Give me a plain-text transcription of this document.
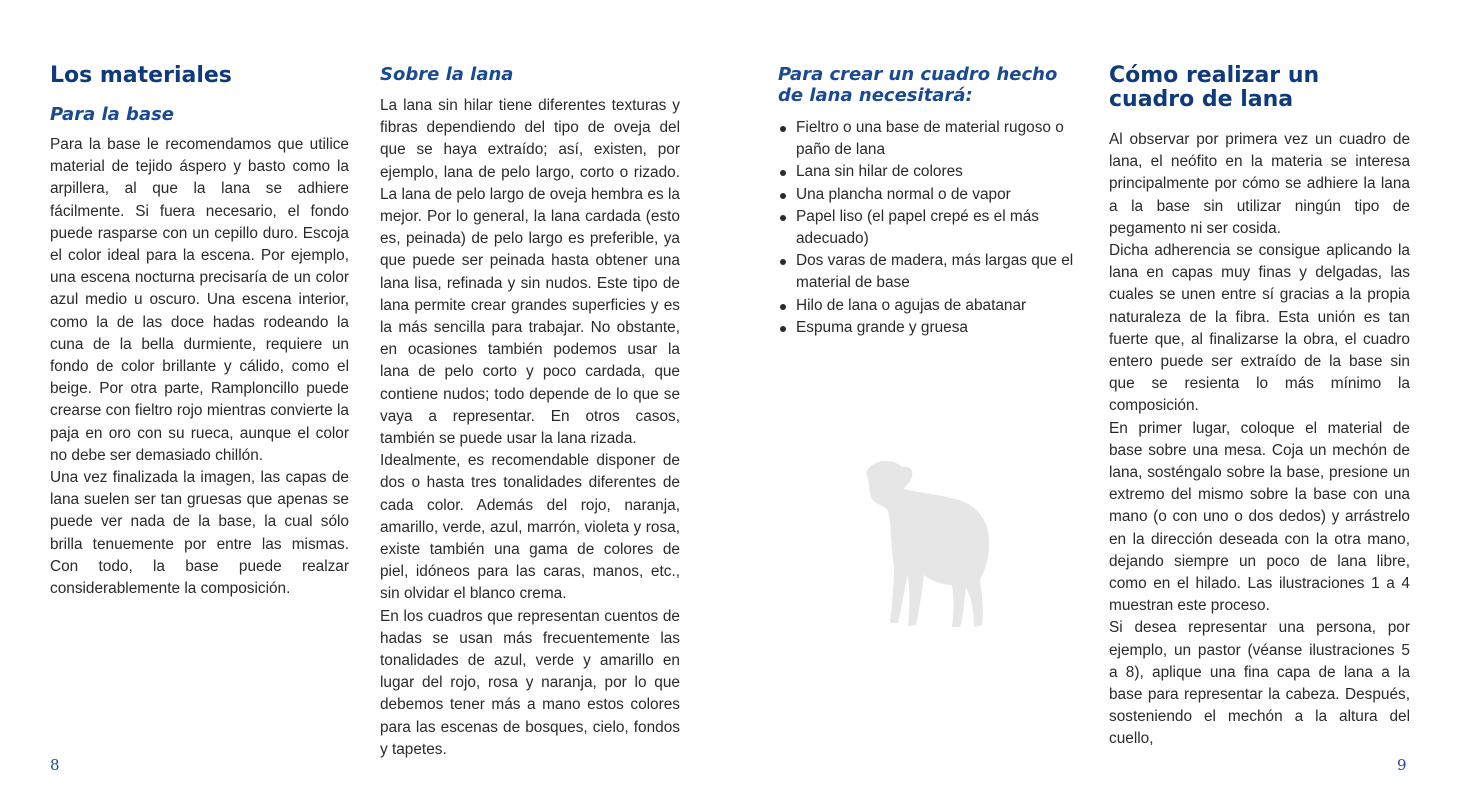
Los materiales
Para la base

Para la base le recomendamos que utilice material de tejido áspero y basto como la arpillera, al que la lana se adhiere fácilmente. Si fuera necesario, el fondo puede rasparse con un cepillo duro. Escoja el color ideal para la escena. Por ejemplo, una escena nocturna precisaría de un color azul medio u oscuro. Una escena interior, como la de las doce hadas rodeando la cuna de la bella durmiente, requiere un fondo de color brillante y cálido, como el beige. Por otra parte, Ramploncillo puede crearse con fieltro rojo mientras convierte la paja en oro con su rueca, aunque el color no debe ser demasiado chillón.

Una vez finalizada la imagen, las capas de lana suelen ser tan gruesas que apenas se puede ver nada de la base, la cual sólo brilla tenuemente por entre las mismas. Con todo, la base puede realzar considerablemente la composición.

Sobre la lana

La lana sin hilar tiene diferentes texturas y fibras dependiendo del tipo de oveja del que se haya extraído; así, existen, por ejemplo, lana de pelo largo, corto o rizado. La lana de pelo largo de oveja hembra es la mejor. Por lo general, la lana cardada (esto es, peinada) de pelo largo es preferible, ya que puede ser peinada hasta obtener una lana lisa, refinada y sin nudos. Este tipo de lana permite crear grandes superficies y es la más sencilla para trabajar. No obstante, en ocasiones también podemos usar la lana de pelo corto y poco cardada, que contiene nudos; todo depende de lo que se vaya a representar. En otros casos, también se puede usar la lana rizada.

Idealmente, es recomendable disponer de dos o hasta tres tonalidades diferentes de cada color. Además del rojo, naranja, amarillo, verde, azul, marrón, violeta y rosa, existe también una gama de colores de piel, idóneos para las caras, manos, etc., sin olvidar el blanco crema.

En los cuadros que representan cuentos de hadas se usan más frecuentemente las tonalidades de azul, verde y amarillo en lugar del rojo, rosa y naranja, por lo que debemos tener más a mano estos colores para las escenas de bosques, cielo, fondos y tapetes.

8
Para crear un cuadro hecho
de lana necesitará:
Fieltro o una base de material rugoso o paño de lana
Lana sin hilar de colores
Una plancha normal o de vapor
Papel liso (el papel crepé es el más adecuado)
Dos varas de madera, más largas que el material de base
Hilo de lana o agujas de abatanar
Espuma grande y gruesa
Cómo realizar un
cuadro de lana

Al observar por primera vez un cuadro de lana, el neófito en la materia se interesa principalmente por cómo se adhiere la lana a la base sin utilizar ningún tipo de pegamento ni ser cosida.

Dicha adherencia se consigue aplicando la lana en capas muy finas y delgadas, las cuales se unen entre sí gracias a la propia naturaleza de la fibra. Esta unión es tan fuerte que, al finalizarse la obra, el cuadro entero puede ser extraído de la base sin que se resienta lo más mínimo la composición.

En primer lugar, coloque el material de base sobre una mesa. Coja un mechón de lana, sosténgalo sobre la base, presione un extremo del mismo sobre la base con una mano (o con uno o dos dedos) y arrástrelo en la dirección deseada con la otra mano, dejando siempre un poco de lana libre, como en el hilado. Las ilustraciones 1 a 4 muestran este proceso.

Si desea representar una persona, por ejemplo, un pastor (véanse ilustraciones 5 a 8), aplique una fina capa de lana a la base para representar la cabeza. Después, sosteniendo el mechón a la altura del cuello,

9
